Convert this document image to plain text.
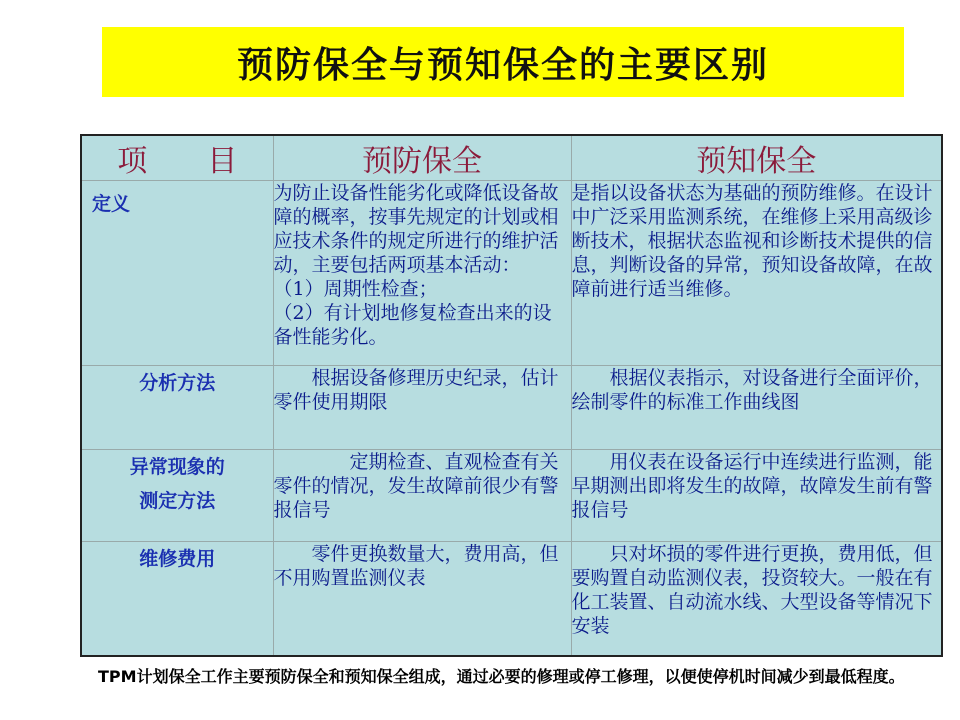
预防保全与预知保全的主要区别
项　　目	预防保全	预知保全
定义	为防止设备性能劣化或降低设备故障的概率，按事先规定的计划或相应技术条件的规定所进行的维护活动，主要包括两项基本活动：
（1）周期性检查；
（2）有计划地修复检查出来的设备性能劣化。	是指以设备状态为基础的预防维修。在设计中广泛采用监测系统，在维修上采用高级诊断技术，根据状态监视和诊断技术提供的信息，判断设备的异常，预知设备故障，在故障前进行适当维修。

分析方法	根据设备修理历史纪录，估计零件使用期限	根据仪表指示，对设备进行全面评价，绘制零件的标准工作曲线图

异常现象的
测定方法	定期检查、直观检查有关零件的情况，发生故障前很少有警报信号	用仪表在设备运行中连续进行监测，能早期测出即将发生的故障，故障发生前有警报信号

维修费用	零件更换数量大，费用高，但不用购置监测仪表	只对坏损的零件进行更换，费用低，但要购置自动监测仪表，投资较大。一般在有化工装置、自动流水线、大型设备等情况下安装
TPM计划保全工作主要预防保全和预知保全组成，通过必要的修理或停工修理，以便使停机时间减少到最低程度。
